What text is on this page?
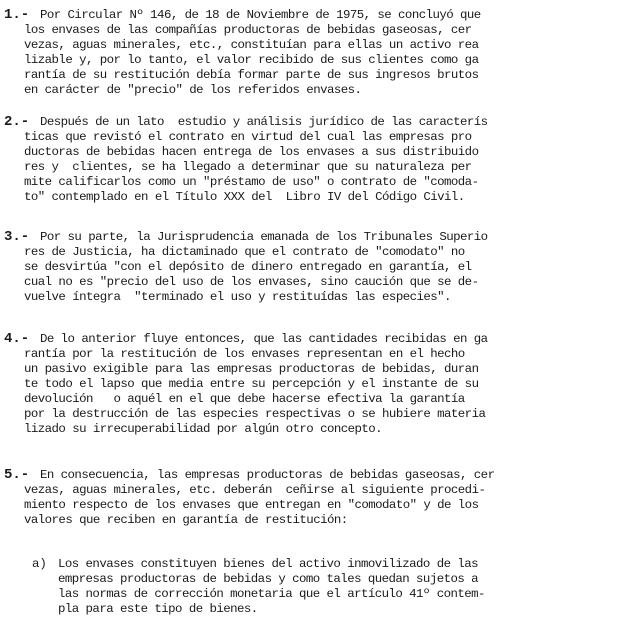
1.- Por Circular Nº 146, de 18 de Noviembre de 1975, se concluyó que
los envases de las compañías productoras de bebidas gaseosas, cer
vezas, aguas minerales, etc., constituían para ellas un activo rea
lizable y, por lo tanto, el valor recibido de sus clientes como ga
rantía de su restitución debía formar parte de sus ingresos brutos
en carácter de "precio" de los referidos envases.
2.- Después de un lato  estudio y análisis jurídico de las caracterís
ticas que revistó el contrato en virtud del cual las empresas pro
ductoras de bebidas hacen entrega de los envases a sus distribuido
res y  clientes, se ha llegado a determinar que su naturaleza per
mite calificarlos como un "préstamo de uso" o contrato de "comoda-
to" contemplado en el Título XXX del  Libro IV del Código Civil.
3.- Por su parte, la Jurisprudencia emanada de los Tribunales Superio
res de Justicia, ha dictaminado que el contrato de "comodato" no
se desvirtúa "con el depósito de dinero entregado en garantía, el
cual no es "precio del uso de los envases, sino caución que se de-
vuelve íntegra  "terminado el uso y restituídas las especies".
4.- De lo anterior fluye entonces, que las cantidades recibidas en ga
rantía por la restitución de los envases representan en el hecho
un pasivo exigible para las empresas productoras de bebidas, duran
te todo el lapso que media entre su percepción y el instante de su
devolución   o aquél en el que debe hacerse efectiva la garantía
por la destrucción de las especies respectivas o se hubiere materia
lizado su irrecuperabilidad por algún otro concepto.
5.- En consecuencia, las empresas productoras de bebidas gaseosas, cer
vezas, aguas minerales, etc. deberán  ceñirse al siguiente procedi-
miento respecto de los envases que entregan en "comodato" y de los
valores que reciben en garantía de restitución:
a) Los envases constituyen bienes del activo inmovilizado de las
empresas productoras de bebidas y como tales quedan sujetos a
las normas de corrección monetaria que el artículo 41º contem-
pla para este tipo de bienes.
